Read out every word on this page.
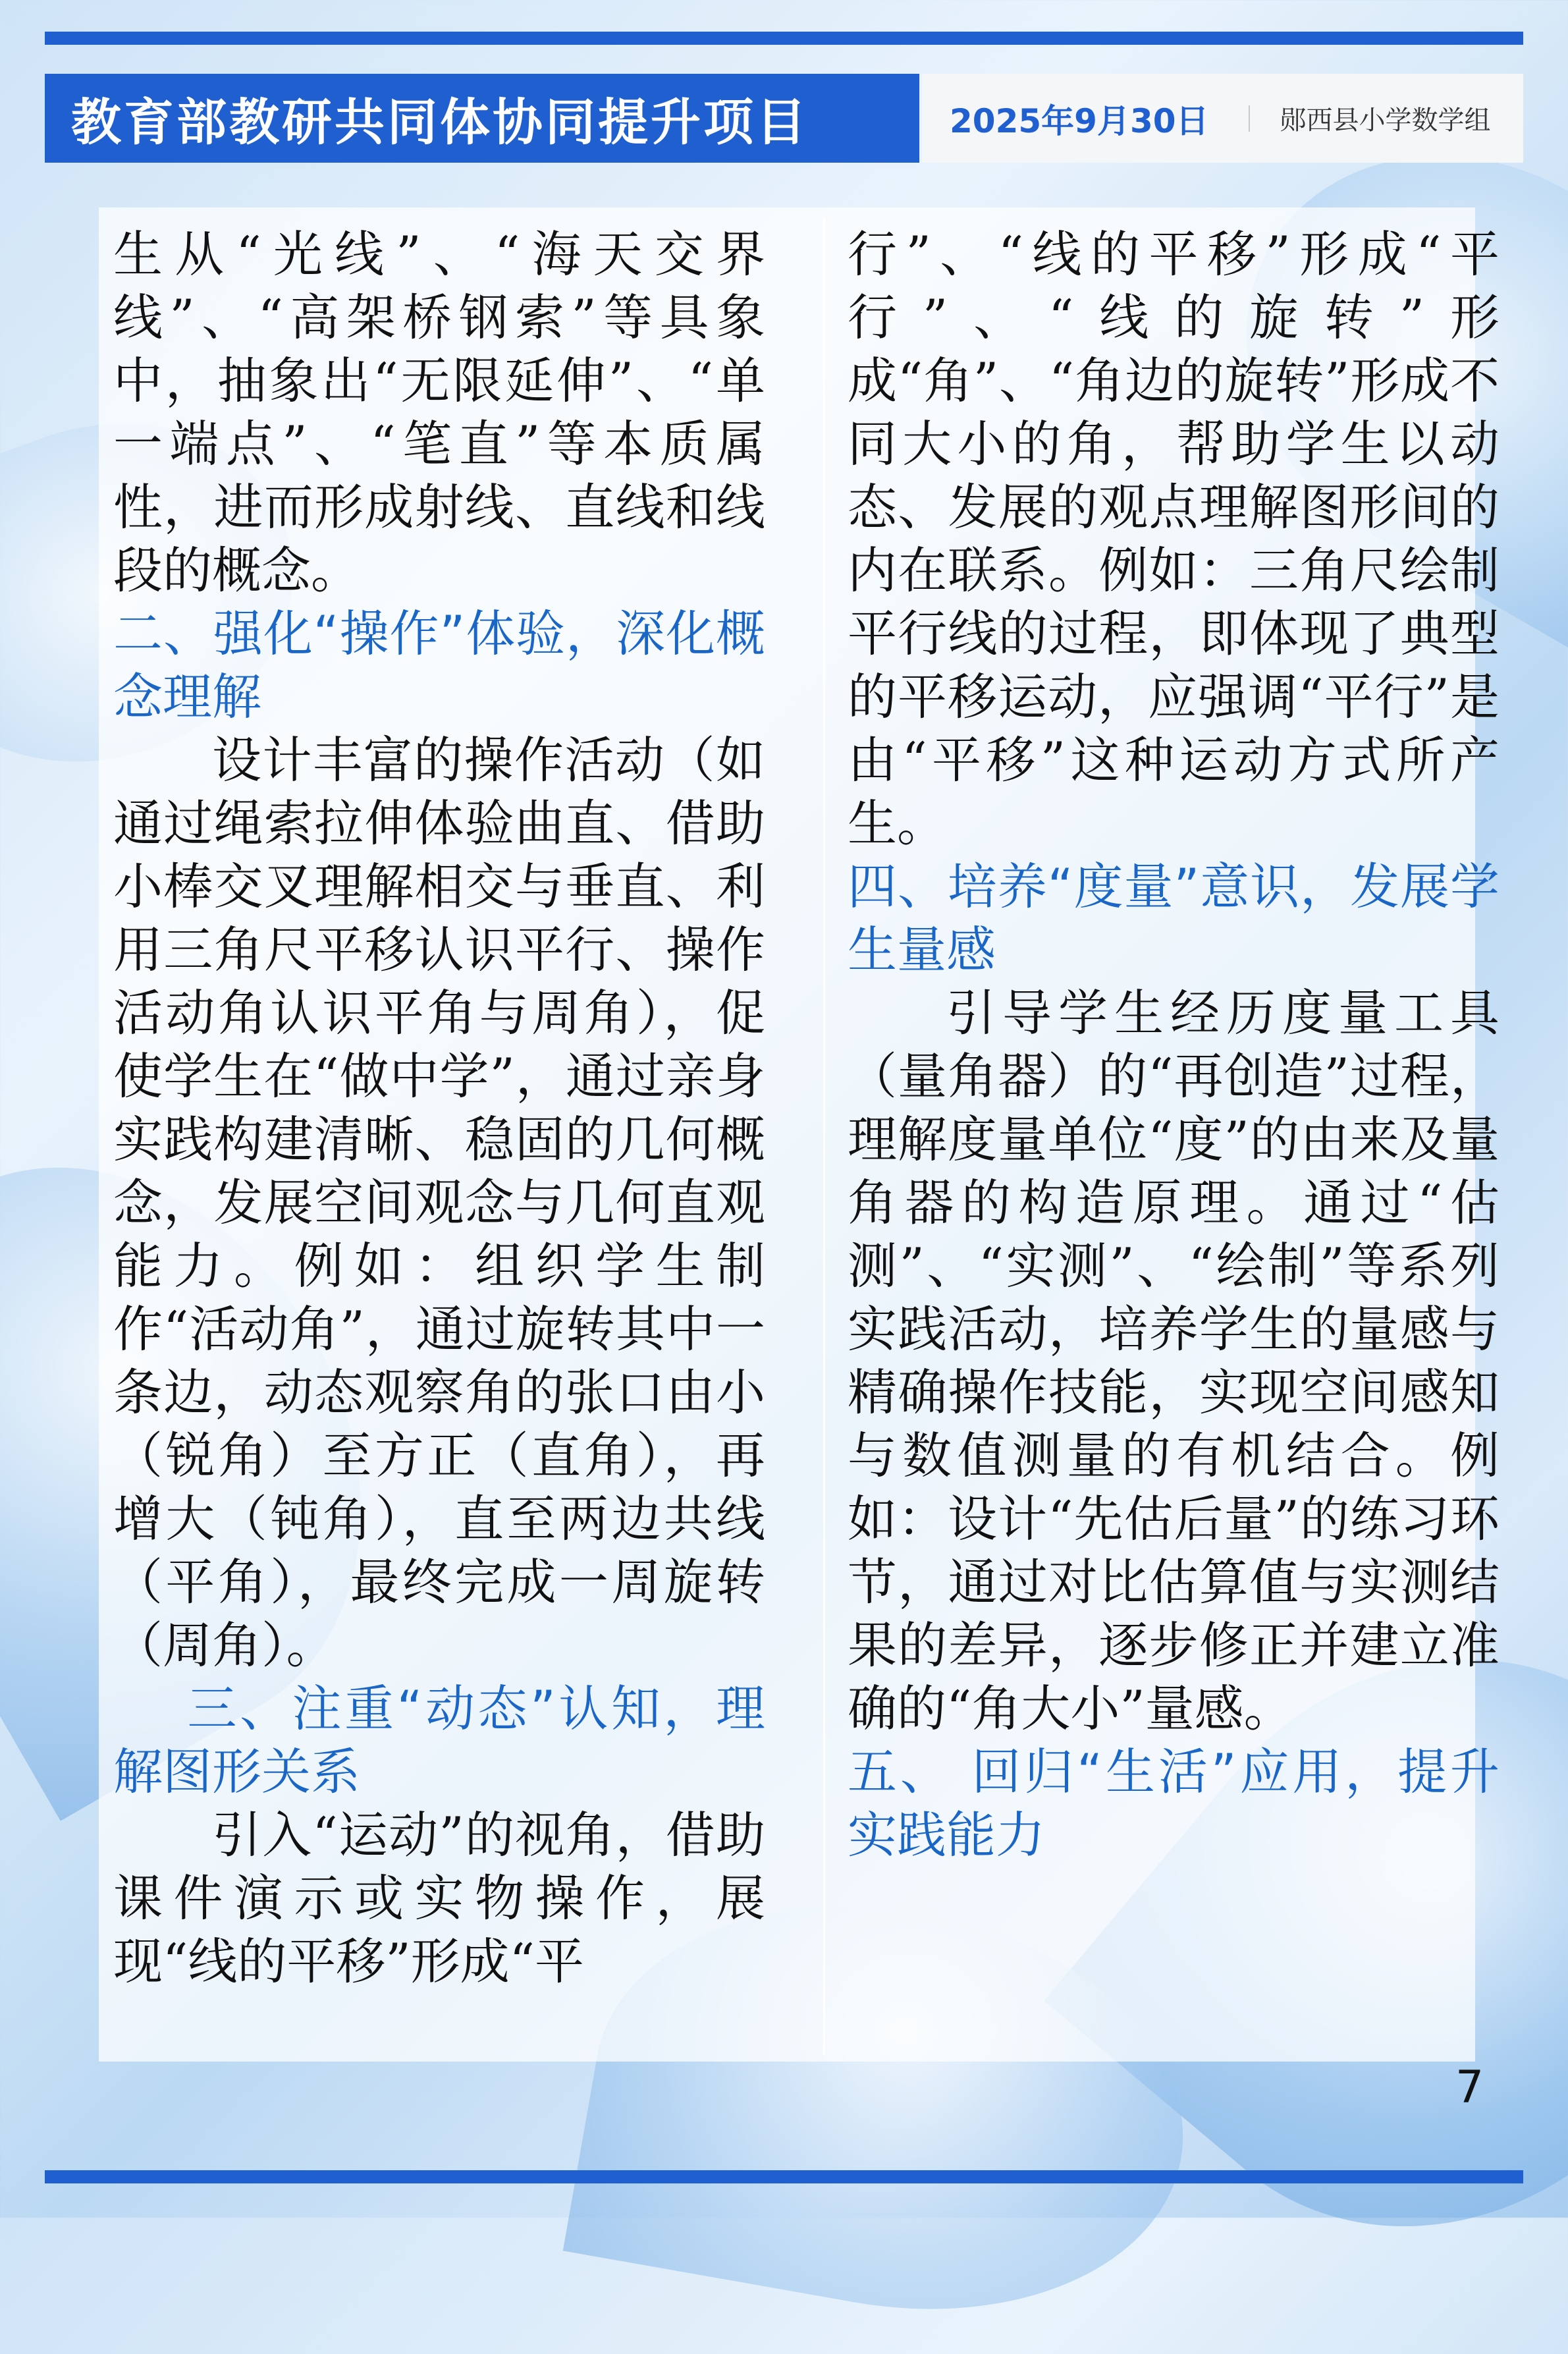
教育部教研共同体协同提升项目	2025年9月30日	郧西县小学数学组

生从“光线”、“海天交界线”、“高架桥钢索”等具象中，抽象出“无限延伸”、“单一端点”、“笔直”等本质属性，进而形成射线、直线和线段的概念。

二、强化“操作”体验，深化概念理解

设计丰富的操作活动（如通过绳索拉伸体验曲直、借助小棒交叉理解相交与垂直、利用三角尺平移认识平行、操作活动角认识平角与周角），促使学生在“做中学”，通过亲身实践构建清晰、稳固的几何概念，发展空间观念与几何直观能力。例如：组织学生制作“活动角”，通过旋转其中一条边，动态观察角的张口由小（锐角）至方正（直角），再增大（钝角），直至两边共线（平角），最终完成一周旋转（周角）。

三、注重“动态”认知，理解图形关系

引入“运动”的视角，借助课件演示或实物操作，展现“线的平移”形成“平

行”、“线的平移”形成“平行”、“线的旋转”形成“角”、“角边的旋转”形成不同大小的角，帮助学生以动态、发展的观点理解图形间的内在联系。例如：三角尺绘制平行线的过程，即体现了典型的平移运动，应强调“平行”是由“平移”这种运动方式所产生。

四、培养“度量”意识，发展学生量感

引导学生经历度量工具（量角器）的“再创造”过程，理解度量单位“度”的由来及量角器的构造原理。通过“估测”、“实测”、“绘制”等系列实践活动，培养学生的量感与精确操作技能，实现空间感知与数值测量的有机结合。例如：设计“先估后量”的练习环节，通过对比估算值与实测结果的差异，逐步修正并建立准确的“角大小”量感。

五、 回归“生活”应用，提升实践能力
7
